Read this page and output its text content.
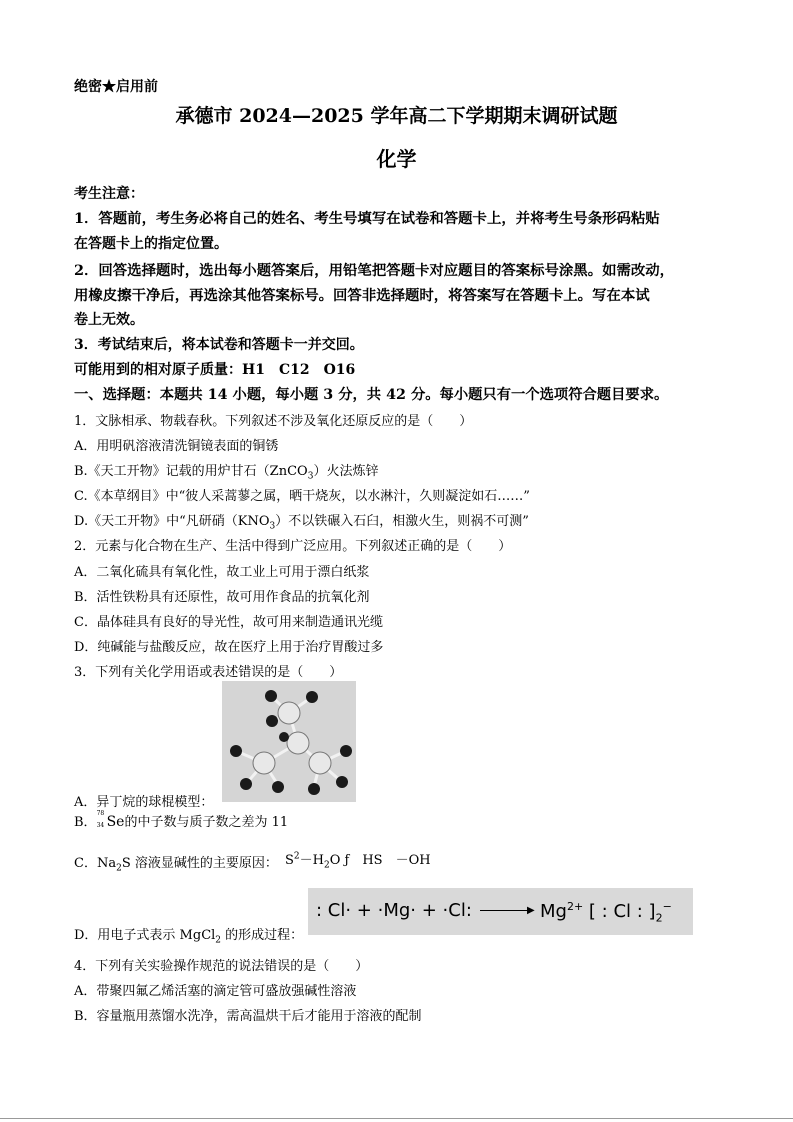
绝密★启用前
承德市 2024—2025 学年高二下学期期末调研试题
化学
考生注意：
1．答题前，考生务必将自己的姓名、考生号填写在试卷和答题卡上，并将考生号条形码粘贴
在答题卡上的指定位置。
2．回答选择题时，选出每小题答案后，用铅笔把答题卡对应题目的答案标号涂黑。如需改动，
用橡皮擦干净后，再选涂其他答案标号。回答非选择题时，将答案写在答题卡上。写在本试
卷上无效。
3．考试结束后，将本试卷和答题卡一并交回。
可能用到的相对原子质量：H1　C12　O16
一、选择题：本题共 14 小题，每小题 3 分，共 42 分。每小题只有一个选项符合题目要求。
1．文脉相承、物载春秋。下列叙述不涉及氧化还原反应的是（　　）
A．用明矾溶液清洗铜镜表面的铜锈
B.《天工开物》记载的用炉甘石（ZnCO$_3$）火法炼锌
C.《本草纲目》中“彼人采蒿蓼之属，晒干烧灰，以水淋汁，久则凝淀如石……”
D.《天工开物》中“凡研硝$(KNO_3)$不以铁碾入石臼，相激火生，则祸不可测”
2．元素与化合物在生产、生活中得到广泛应用。下列叙述正确的是（　　）
A．二氧化硫具有氧化性，故工业上可用于漂白纸浆
B．活性铁粉具有还原性，故可用作食品的抗氧化剂
C．晶体硅具有良好的导光性，故可用来制造通讯光缆
D．纯碱能与盐酸反应，故在医疗上用于治疗胃酸过多
3．下列有关化学用语或表述错误的是（　　）
A．异丁烷的球棍模型：
B．
78
34 Se的中子数与质子数之差为 11
C．$Na_2S$ 溶液显碱性的主要原因： $S^2-H_2O$ ƒ　HS　－OH
: Cl· + ·Mg· + ·Cl:	▶ $Mg^{2+}$ [ : Cl : ]$_2^-$
D．用电子式表示 MgCl$_2$ 的形成过程：
4．下列有关实验操作规范的说法错误的是（　　）
A．带聚四氟乙烯活塞的滴定管可盛放强碱性溶液
B．容量瓶用蒸馏水洗净，需高温烘干后才能用于溶液的配制
